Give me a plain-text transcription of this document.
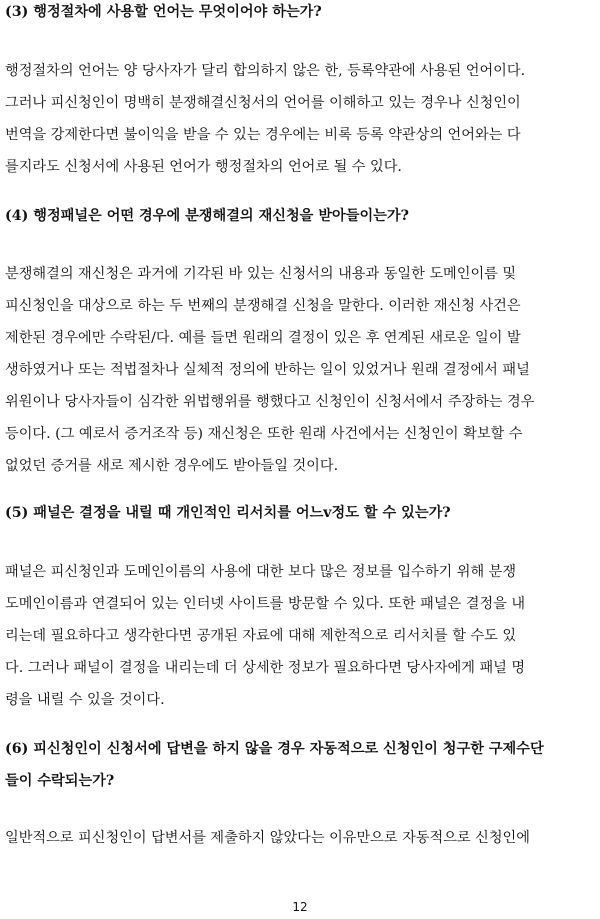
(3) 행정절차에 사용할 언어는 무엇이어야 하는가?
행정절차의 언어는 양 당사자가 달리 합의하지 않은 한, 등록약관에 사용된 언어이다.
그러나 피신청인이 명백히 분쟁해결신청서의 언어를 이해하고 있는 경우나 신청인이
번역을 강제한다면 불이익을 받을 수 있는 경우에는 비록 등록 약관상의 언어와는 다
를지라도 신청서에 사용된 언어가 행정절차의 언어로 될 수 있다.
(4) 행정패널은 어떤 경우에 분쟁해결의 재신청을 받아들이는가?
분쟁해결의 재신청은 과거에 기각된 바 있는 신청서의 내용과 동일한 도메인이름 및
피신청인을 대상으로 하는 두 번째의 분쟁해결 신청을 말한다. 이러한 재신청 사건은
제한된 경우에만 수락된/다. 예를 들면 원래의 결정이 있은 후 연계된 새로운 일이 발
생하였거나 또는 적법절차나 실체적 정의에 반하는 일이 있었거나 원래 결정에서 패널
위원이나 당사자들이 심각한 위법행위를 행했다고 신청인이 신청서에서 주장하는 경우
등이다. (그 예로서 증거조작 등) 재신청은 또한 원래 사건에서는 신청인이 확보할 수
없었던 증거를 새로 제시한 경우에도 받아들일 것이다.
(5) 패널은 결정을 내릴 때 개인적인 리서치를 어느v정도 할 수 있는가?
패널은 피신청인과 도메인이름의 사용에 대한 보다 많은 정보를 입수하기 위해 분쟁
도메인이름과 연결되어 있는 인터넷 사이트를 방문할 수 있다. 또한 패널은 결정을 내
리는데 필요하다고 생각한다면 공개된 자료에 대해 제한적으로 리서치를 할 수도 있
다. 그러나 패널이 결정을 내리는데 더 상세한 정보가 필요하다면 당사자에게 패널 명
령을 내릴 수 있을 것이다.
(6) 피신청인이 신청서에 답변을 하지 않을 경우 자동적으로 신청인이 청구한 구제수단
들이 수락되는가?
일반적으로 피신청인이 답변서를 제출하지 않았다는 이유만으로 자동적으로 신청인에
12
